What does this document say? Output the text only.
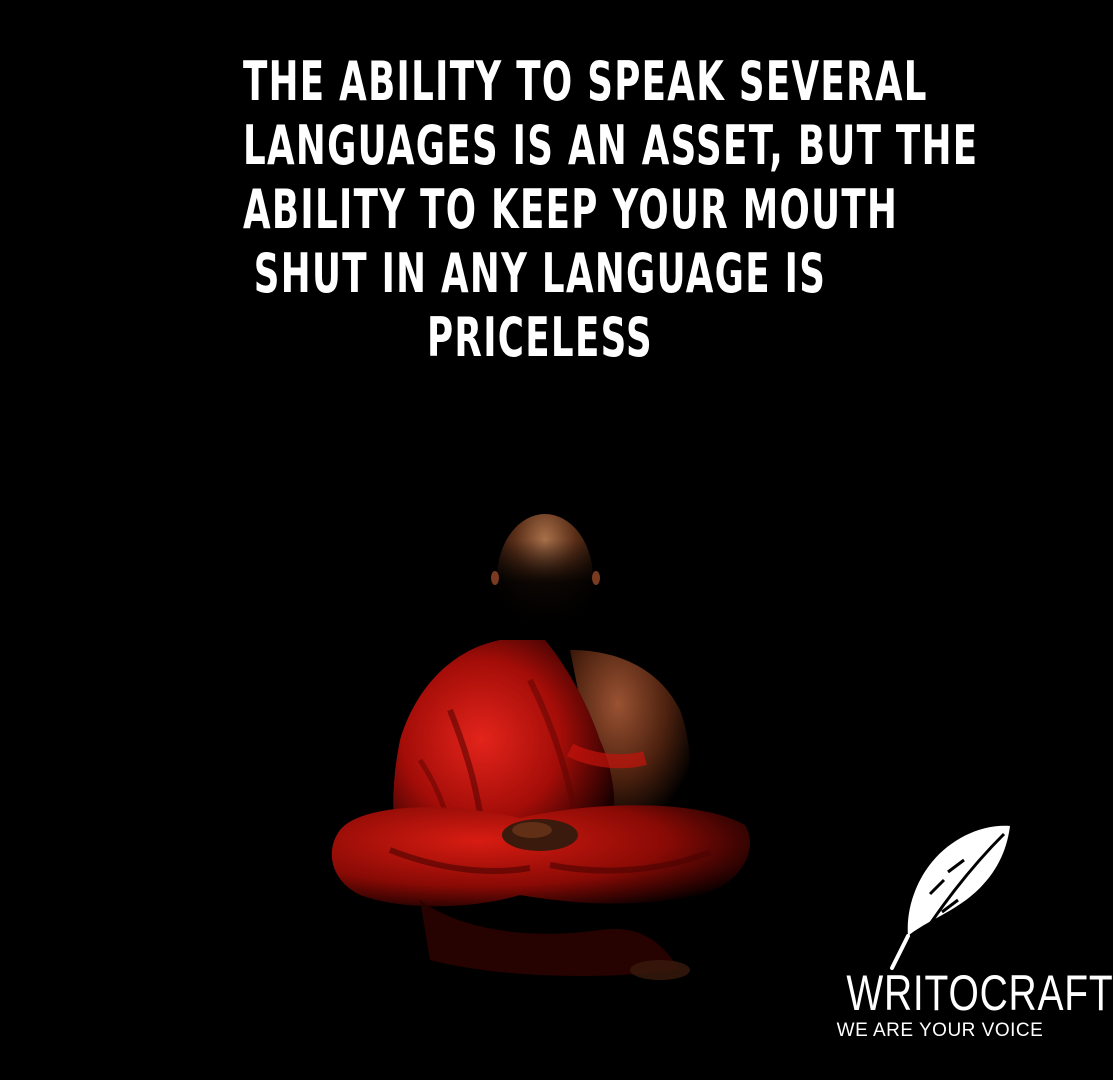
THE ABILITY TO SPEAK SEVERAL
LANGUAGES IS AN ASSET, BUT THE
ABILITY TO KEEP YOUR MOUTH
SHUT IN ANY LANGUAGE IS
PRICELESS
WRITOCRAFT
WE ARE YOUR VOICE
